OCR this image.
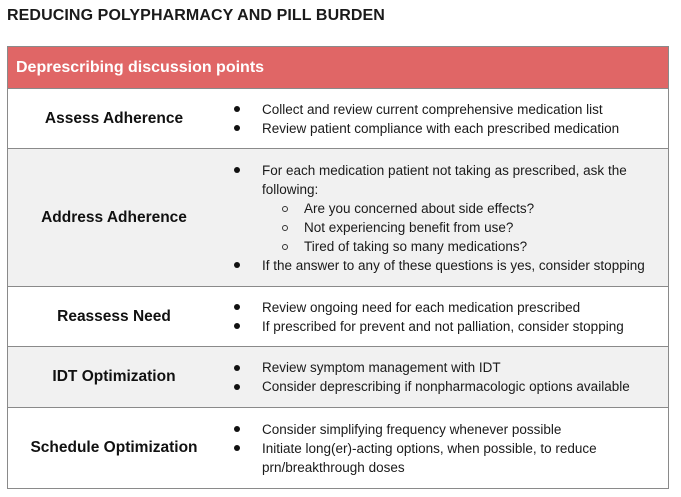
REDUCING POLYPHARMACY AND PILL BURDEN
Deprescribing discussion points
Assess Adherence
Collect and review current comprehensive medication list
Review patient compliance with each prescribed medication
Address Adherence
For each medication patient not taking as prescribed, ask the following:
Are you concerned about side effects?
Not experiencing benefit from use?
Tired of taking so many medications?
If the answer to any of these questions is yes, consider stopping
Reassess Need
Review ongoing need for each medication prescribed
If prescribed for prevent and not palliation, consider stopping
IDT Optimization
Review symptom management with IDT
Consider deprescribing if nonpharmacologic options available
Schedule Optimization
Consider simplifying frequency whenever possible
Initiate long(er)-acting options, when possible, to reduce prn/breakthrough doses
